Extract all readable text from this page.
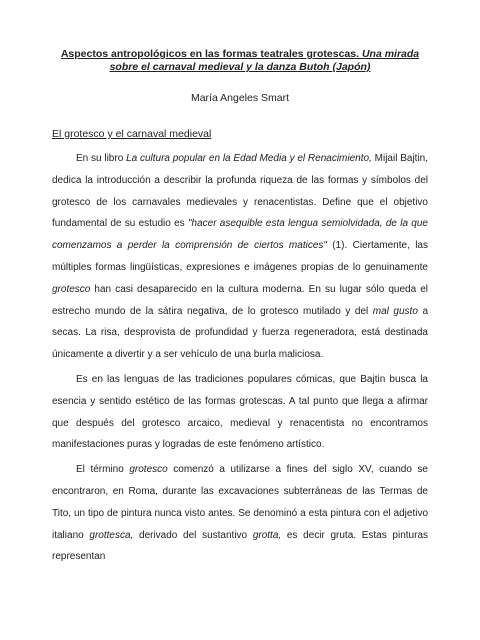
Aspectos antropológicos en las formas teatrales grotescas. Una mirada sobre el carnaval medieval y la danza Butoh (Japón)
María Angeles Smart
El grotesco y el carnaval medieval

En su libro La cultura popular en la Edad Media y el Renacimiento, Mijail Bajtin, dedica la introducción a describir la profunda riqueza de las formas y símbolos del grotesco de los carnavales medievales y renacentistas. Define que el objetivo fundamental de su estudio es "hacer asequible esta lengua semiolvidada, de la que comenzamos a perder la comprensión de ciertos matices" (1). Ciertamente, las múltiples formas lingüísticas, expresiones e imágenes propias de lo genuinamente grotesco han casi desaparecido en la cultura moderna. En su lugar sólo queda el estrecho mundo de la sátira negativa, de lo grotesco mutilado y del mal gusto a secas. La risa, desprovista de profundidad y fuerza regeneradora, está destinada únicamente a divertir y a ser vehículo de una burla maliciosa.

Es en las lenguas de las tradiciones populares cómicas, que Bajtin busca la esencia y sentido estético de las formas grotescas. A tal punto que llega a afirmar que después del grotesco arcaico, medieval y renacentista no encontramos manifestaciones puras y logradas de este fenómeno artístico.

El término grotesco comenzó a utilizarse a fines del siglo XV, cuando se encontraron, en Roma, durante las excavaciones subterráneas de las Termas de Tito, un tipo de pintura nunca visto antes. Se denominó a esta pintura con el adjetivo italiano grottesca, derivado del sustantivo grotta, es decir gruta. Estas pinturas representan
